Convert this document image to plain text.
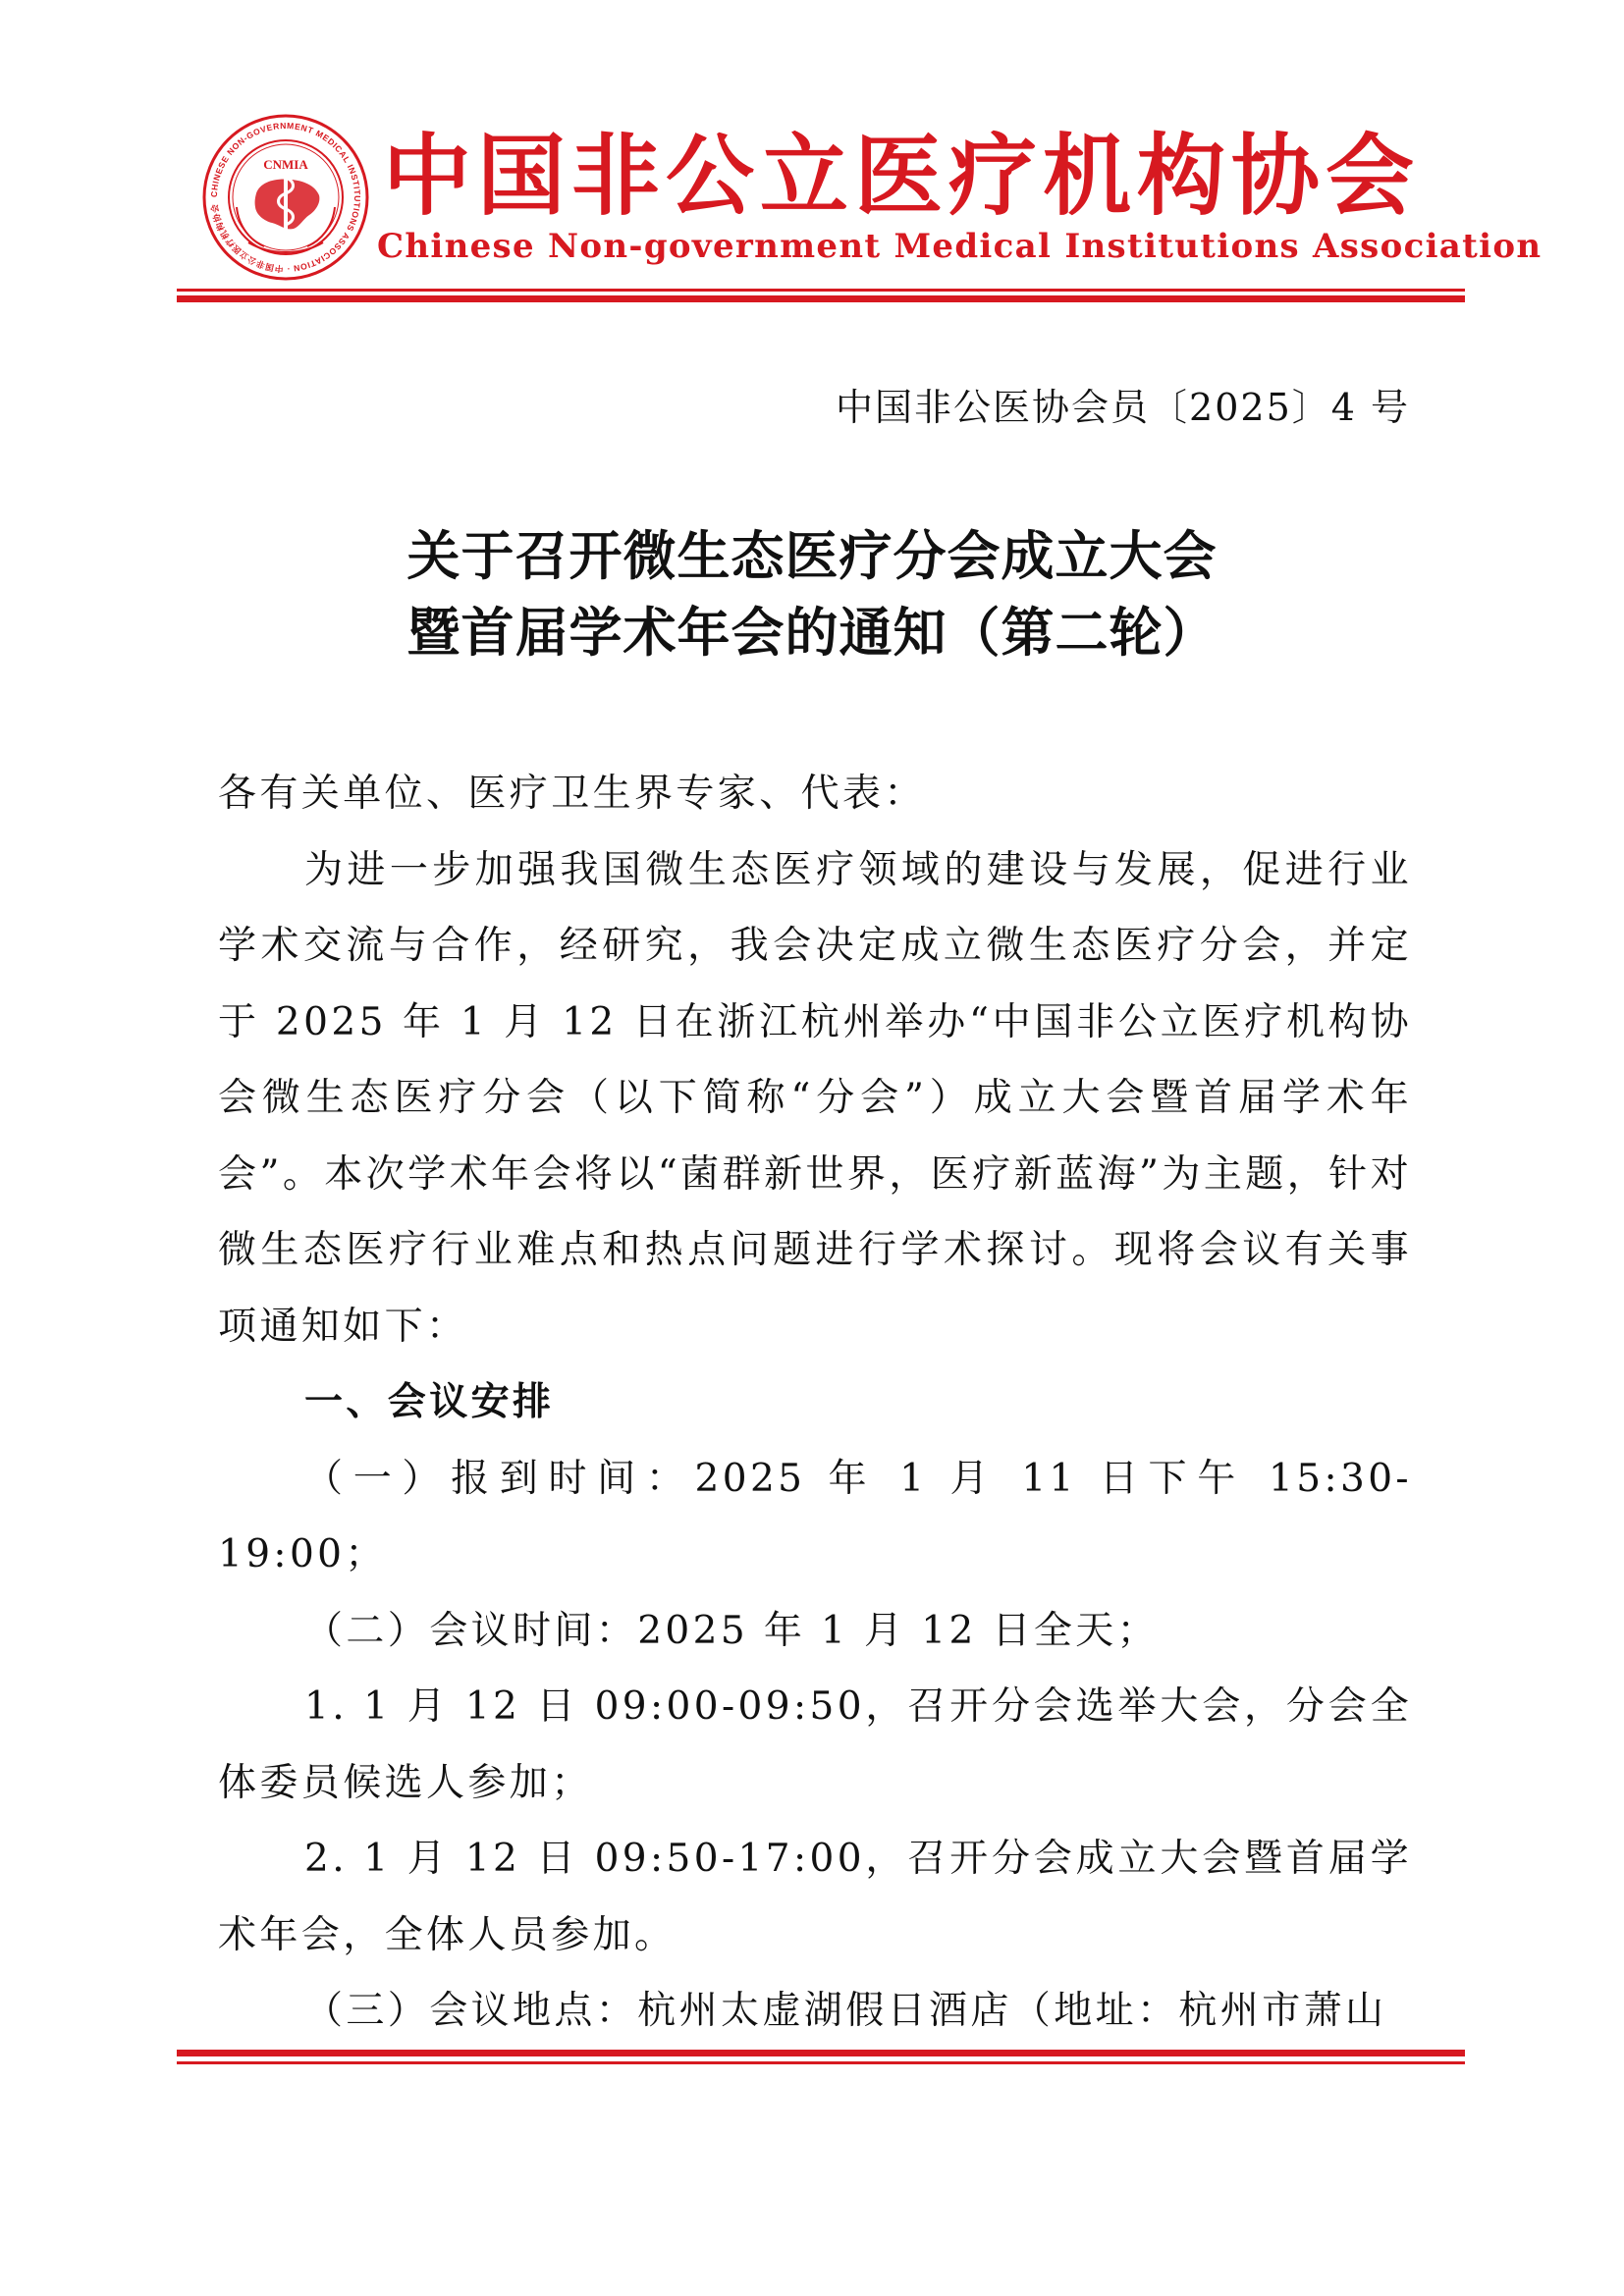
CHINESE NON-GOVERNMENT MEDICAL INSTITUTIONS ASSOCIATION · 中国非公立医疗机构协会
CNMIA 中国非公立医疗机构协会
Chinese Non-government Medical Institutions Association
中国非公医协会员〔2025〕4 号
关于召开微生态医疗分会成立大会
暨首届学术年会的通知（第二轮）

各有关单位、医疗卫生界专家、代表：

为进一步加强我国微生态医疗领域的建设与发展，促进行业学术交流与合作，经研究，我会决定成立微生态医疗分会，并定于 2025 年 1 月 12 日在浙江杭州举办“中国非公立医疗机构协会微生态医疗分会（以下简称“分会”）成立大会暨首届学术年会”。本次学术年会将以“菌群新世界，医疗新蓝海”为主题，针对微生态医疗行业难点和热点问题进行学术探讨。现将会议有关事项通知如下：

一、会议安排

（一）报到时间：2025 年 1 月 11 日下午 15:30-19:00；

（二）会议时间：2025 年 1 月 12 日全天；

1. 1 月 12 日 09:00-09:50，召开分会选举大会，分会全体委员候选人参加；

2. 1 月 12 日 09:50-17:00，召开分会成立大会暨首届学术年会，全体人员参加。

（三）会议地点：杭州太虚湖假日酒店（地址：杭州市萧山
